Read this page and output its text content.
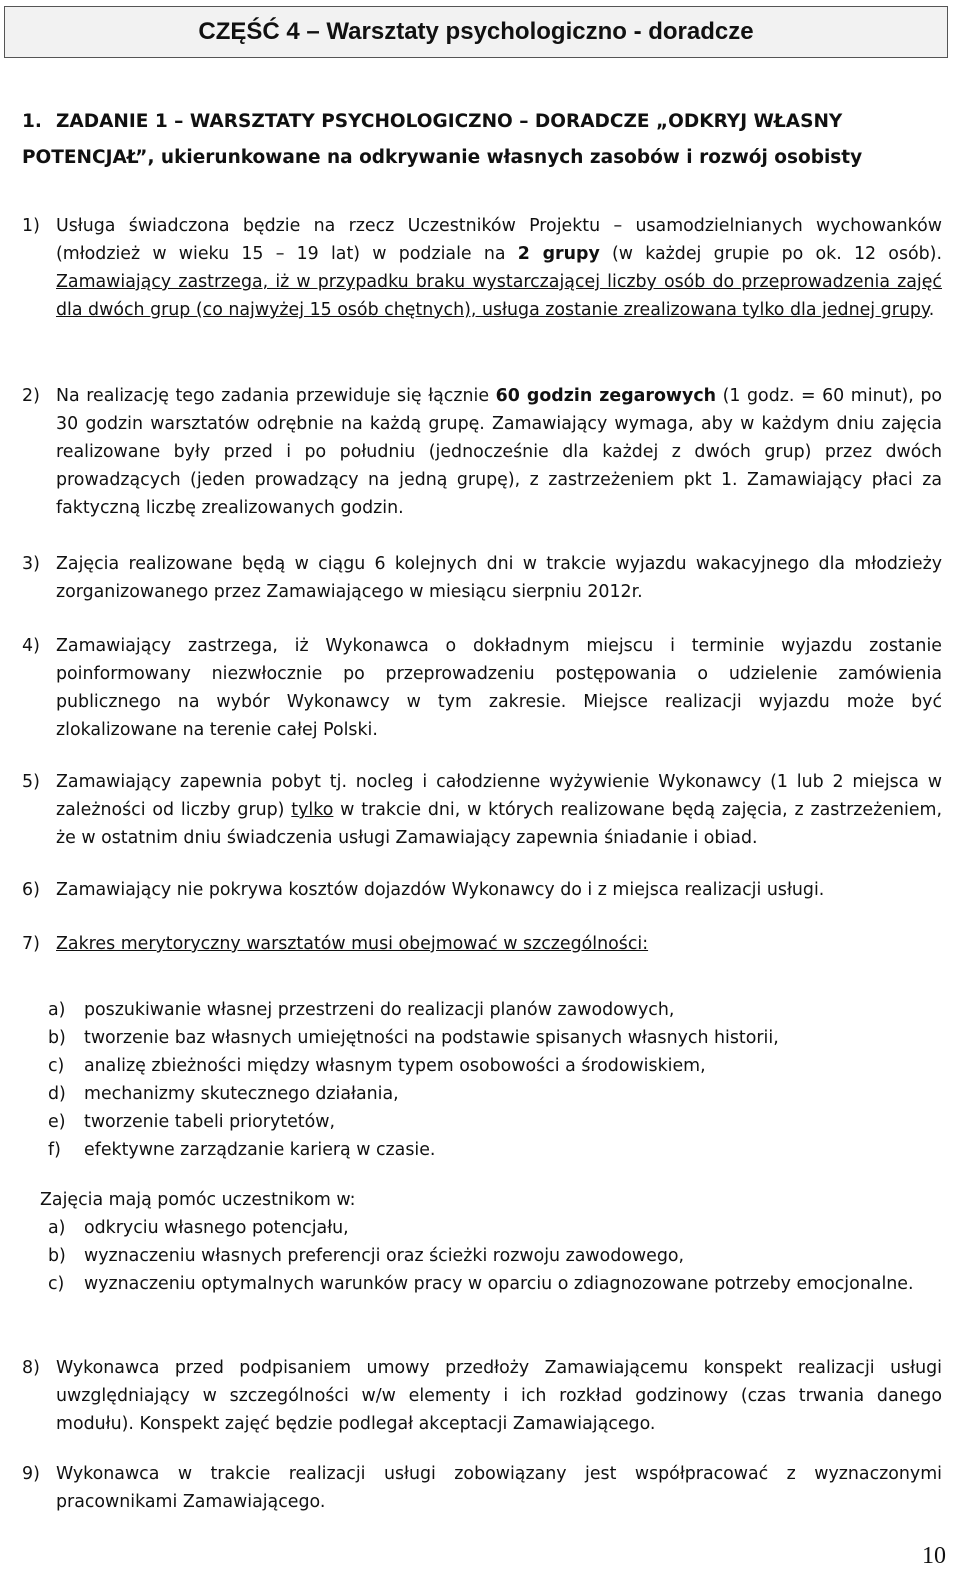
CZĘŚĆ 4 – Warsztaty psychologiczno - doradcze
1. ZADANIE 1 – WARSZTATY PSYCHOLOGICZNO – DORADCZE „ODKRYJ WŁASNY
POTENCJAŁ”, ukierunkowane na odkrywanie własnych zasobów i rozwój osobisty
1) Usługa świadczona będzie na rzecz Uczestników Projektu – usamodzielnianych wychowanków (młodzież w wieku 15 – 19 lat) w podziale na 2 grupy (w każdej grupie po ok. 12 osób). Zamawiający zastrzega, iż w przypadku braku wystarczającej liczby osób do przeprowadzenia zajęć dla dwóch grup (co najwyżej 15 osób chętnych), usługa zostanie zrealizowana tylko dla jednej grupy.
2) Na realizację tego zadania przewiduje się łącznie 60 godzin zegarowych (1 godz. = 60 minut), po 30 godzin warsztatów odrębnie na każdą grupę. Zamawiający wymaga, aby w każdym dniu zajęcia realizowane były przed i po południu (jednocześnie dla każdej z dwóch grup) przez dwóch prowadzących (jeden prowadzący na jedną grupę), z zastrzeżeniem pkt 1. Zamawiający płaci za faktyczną liczbę zrealizowanych godzin.
3) Zajęcia realizowane będą w ciągu 6 kolejnych dni w trakcie wyjazdu wakacyjnego dla młodzieży zorganizowanego przez Zamawiającego w miesiącu sierpniu 2012r.
4) Zamawiający zastrzega, iż Wykonawca o dokładnym miejscu i terminie wyjazdu zostanie poinformowany niezwłocznie po przeprowadzeniu postępowania o udzielenie zamówienia publicznego na wybór Wykonawcy w tym zakresie. Miejsce realizacji wyjazdu może być zlokalizowane na terenie całej Polski.
5) Zamawiający zapewnia pobyt tj. nocleg i całodzienne wyżywienie Wykonawcy (1 lub 2 miejsca w zależności od liczby grup) tylko w trakcie dni, w których realizowane będą zajęcia, z zastrzeżeniem, że w ostatnim dniu świadczenia usługi Zamawiający zapewnia śniadanie i obiad.
6) Zamawiający nie pokrywa kosztów dojazdów Wykonawcy do i z miejsca realizacji usługi.
7) Zakres merytoryczny warsztatów musi obejmować w szczególności:
a) poszukiwanie własnej przestrzeni do realizacji planów zawodowych,
b) tworzenie baz własnych umiejętności na podstawie spisanych własnych historii,
c) analizę zbieżności między własnym typem osobowości a środowiskiem,
d) mechanizmy skutecznego działania,
e) tworzenie tabeli priorytetów,
f) efektywne zarządzanie karierą w czasie.
Zajęcia mają pomóc uczestnikom w:
a) odkryciu własnego potencjału,
b) wyznaczeniu własnych preferencji oraz ścieżki rozwoju zawodowego,
c) wyznaczeniu optymalnych warunków pracy w oparciu o zdiagnozowane potrzeby emocjonalne.
8) Wykonawca przed podpisaniem umowy przedłoży Zamawiającemu konspekt realizacji usługi uwzględniający w szczególności w/w elementy i ich rozkład godzinowy (czas trwania danego modułu). Konspekt zajęć będzie podlegał akceptacji Zamawiającego.
9) Wykonawca w trakcie realizacji usługi zobowiązany jest współpracować z wyznaczonymi pracownikami Zamawiającego.
10
